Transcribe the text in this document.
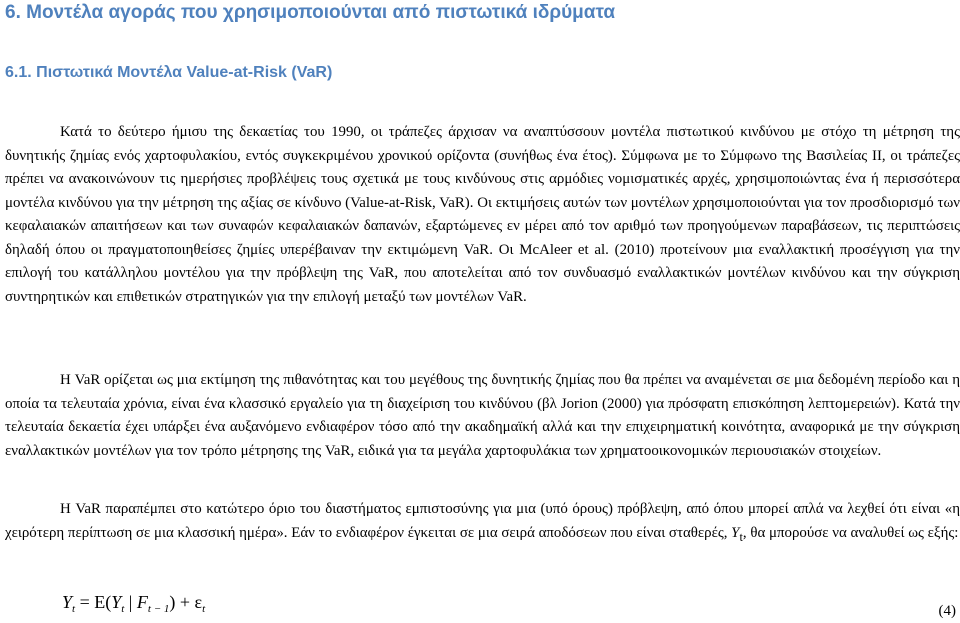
6. Μοντέλα αγοράς που χρησιμοποιούνται από πιστωτικά ιδρύματα
6.1. Πιστωτικά Μοντέλα Value-at-Risk (VaR)

Κατά το δεύτερο ήμισυ της δεκαετίας του 1990, οι τράπεζες άρχισαν να αναπτύσσουν μοντέλα πιστωτικού κινδύνου με στόχο τη μέτρηση της δυνητικής ζημίας ενός χαρτοφυλακίου, εντός συγκεκριμένου χρονικού ορίζοντα (συνήθως ένα έτος). Σύμφωνα με το Σύμφωνο της Βασιλείας ΙΙ, οι τράπεζες πρέπει να ανακοινώνουν τις ημερήσιες προβλέψεις τους σχετικά με τους κινδύνους στις αρμόδιες νομισματικές αρχές, χρησιμοποιώντας ένα ή περισσότερα μοντέλα κινδύνου για την μέτρηση της αξίας σε κίνδυνο (Value-at-Risk, VaR). Οι εκτιμήσεις αυτών των μοντέλων χρησιμοποιούνται για τον προσδιορισμό των κεφαλαιακών απαιτήσεων και των συναφών κεφαλαιακών δαπανών, εξαρτώμενες εν μέρει από τον αριθμό των προηγούμενων παραβάσεων, τις περιπτώσεις δηλαδή όπου οι πραγματοποιηθείσες ζημίες υπερέβαιναν την εκτιμώμενη VaR. Οι McAleer et al. (2010) προτείνουν μια εναλλακτική προσέγγιση για την επιλογή του κατάλληλου μοντέλου για την πρόβλεψη της VaR, που αποτελείται από τον συνδυασμό εναλλακτικών μοντέλων κινδύνου και την σύγκριση συντηρητικών και επιθετικών στρατηγικών για την επιλογή μεταξύ των μοντέλων VaR.

Η VaR ορίζεται ως μια εκτίμηση της πιθανότητας και του μεγέθους της δυνητικής ζημίας που θα πρέπει να αναμένεται σε μια δεδομένη περίοδο και η οποία τα τελευταία χρόνια, είναι ένα κλασσικό εργαλείο για τη διαχείριση του κινδύνου (βλ Jorion (2000) για πρόσφατη επισκόπηση λεπτομερειών). Κατά την τελευταία δεκαετία έχει υπάρξει ένα αυξανόμενο ενδιαφέρον τόσο από την ακαδημαϊκή αλλά και την επιχειρηματική κοινότητα, αναφορικά με την σύγκριση εναλλακτικών μοντέλων για τον τρόπο μέτρησης της VaR, ειδικά για τα μεγάλα χαρτοφυλάκια των χρηματοοικονομικών περιουσιακών στοιχείων.

Η VaR παραπέμπει στο κατώτερο όριο του διαστήματος εμπιστοσύνης για μια (υπό όρους) πρόβλεψη, από όπου μπορεί απλά να λεχθεί ότι είναι «η χειρότερη περίπτωση σε μια κλασσική ημέρα». Εάν το ενδιαφέρον έγκειται σε μια σειρά αποδόσεων που είναι σταθερές, $Y_t$, θα μπορούσε να αναλυθεί ως εξής:

$Y_t = E(Y_t$ | $F_{t - 1}) + \varepsilon_t$	(4)
